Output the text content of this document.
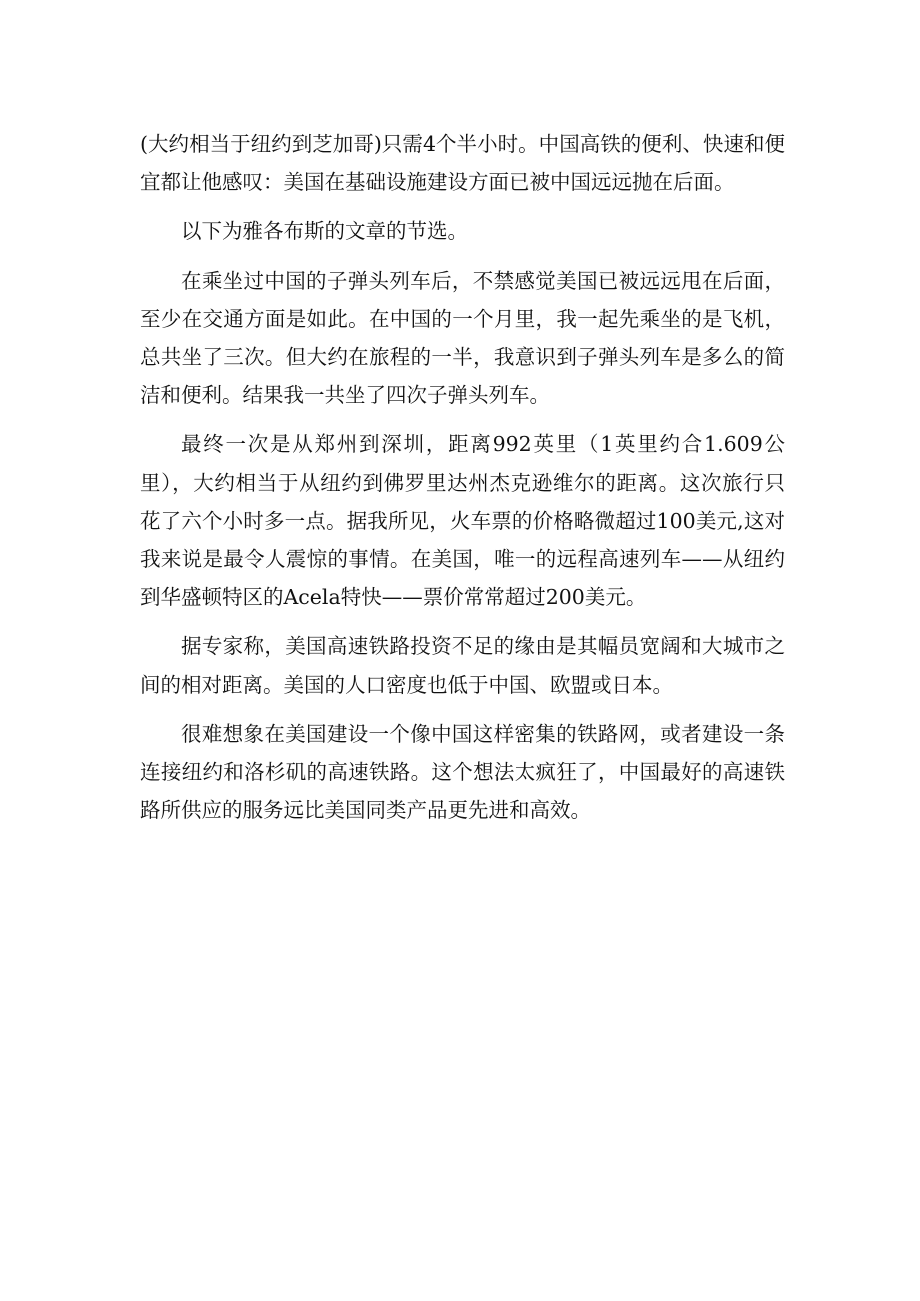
(大约相当于纽约到芝加哥)只需4个半小时。中国高铁的便利、快速和便宜都让他感叹：美国在基础设施建设方面已被中国远远抛在后面。

以下为雅各布斯的文章的节选。

在乘坐过中国的子弹头列车后，不禁感觉美国已被远远甩在后面，至少在交通方面是如此。在中国的一个月里，我一起先乘坐的是飞机，总共坐了三次。但大约在旅程的一半，我意识到子弹头列车是多么的简洁和便利。结果我一共坐了四次子弹头列车。

最终一次是从郑州到深圳，距离992英里（1英里约合1.609公里），大约相当于从纽约到佛罗里达州杰克逊维尔的距离。这次旅行只花了六个小时多一点。据我所见，火车票的价格略微超过100美元,这对我来说是最令人震惊的事情。在美国，唯一的远程高速列车——从纽约到华盛顿特区的Acela特快——票价常常超过200美元。

据专家称，美国高速铁路投资不足的缘由是其幅员宽阔和大城市之间的相对距离。美国的人口密度也低于中国、欧盟或日本。

很难想象在美国建设一个像中国这样密集的铁路网，或者建设一条连接纽约和洛杉矶的高速铁路。这个想法太疯狂了，中国最好的高速铁路所供应的服务远比美国同类产品更先进和高效。
